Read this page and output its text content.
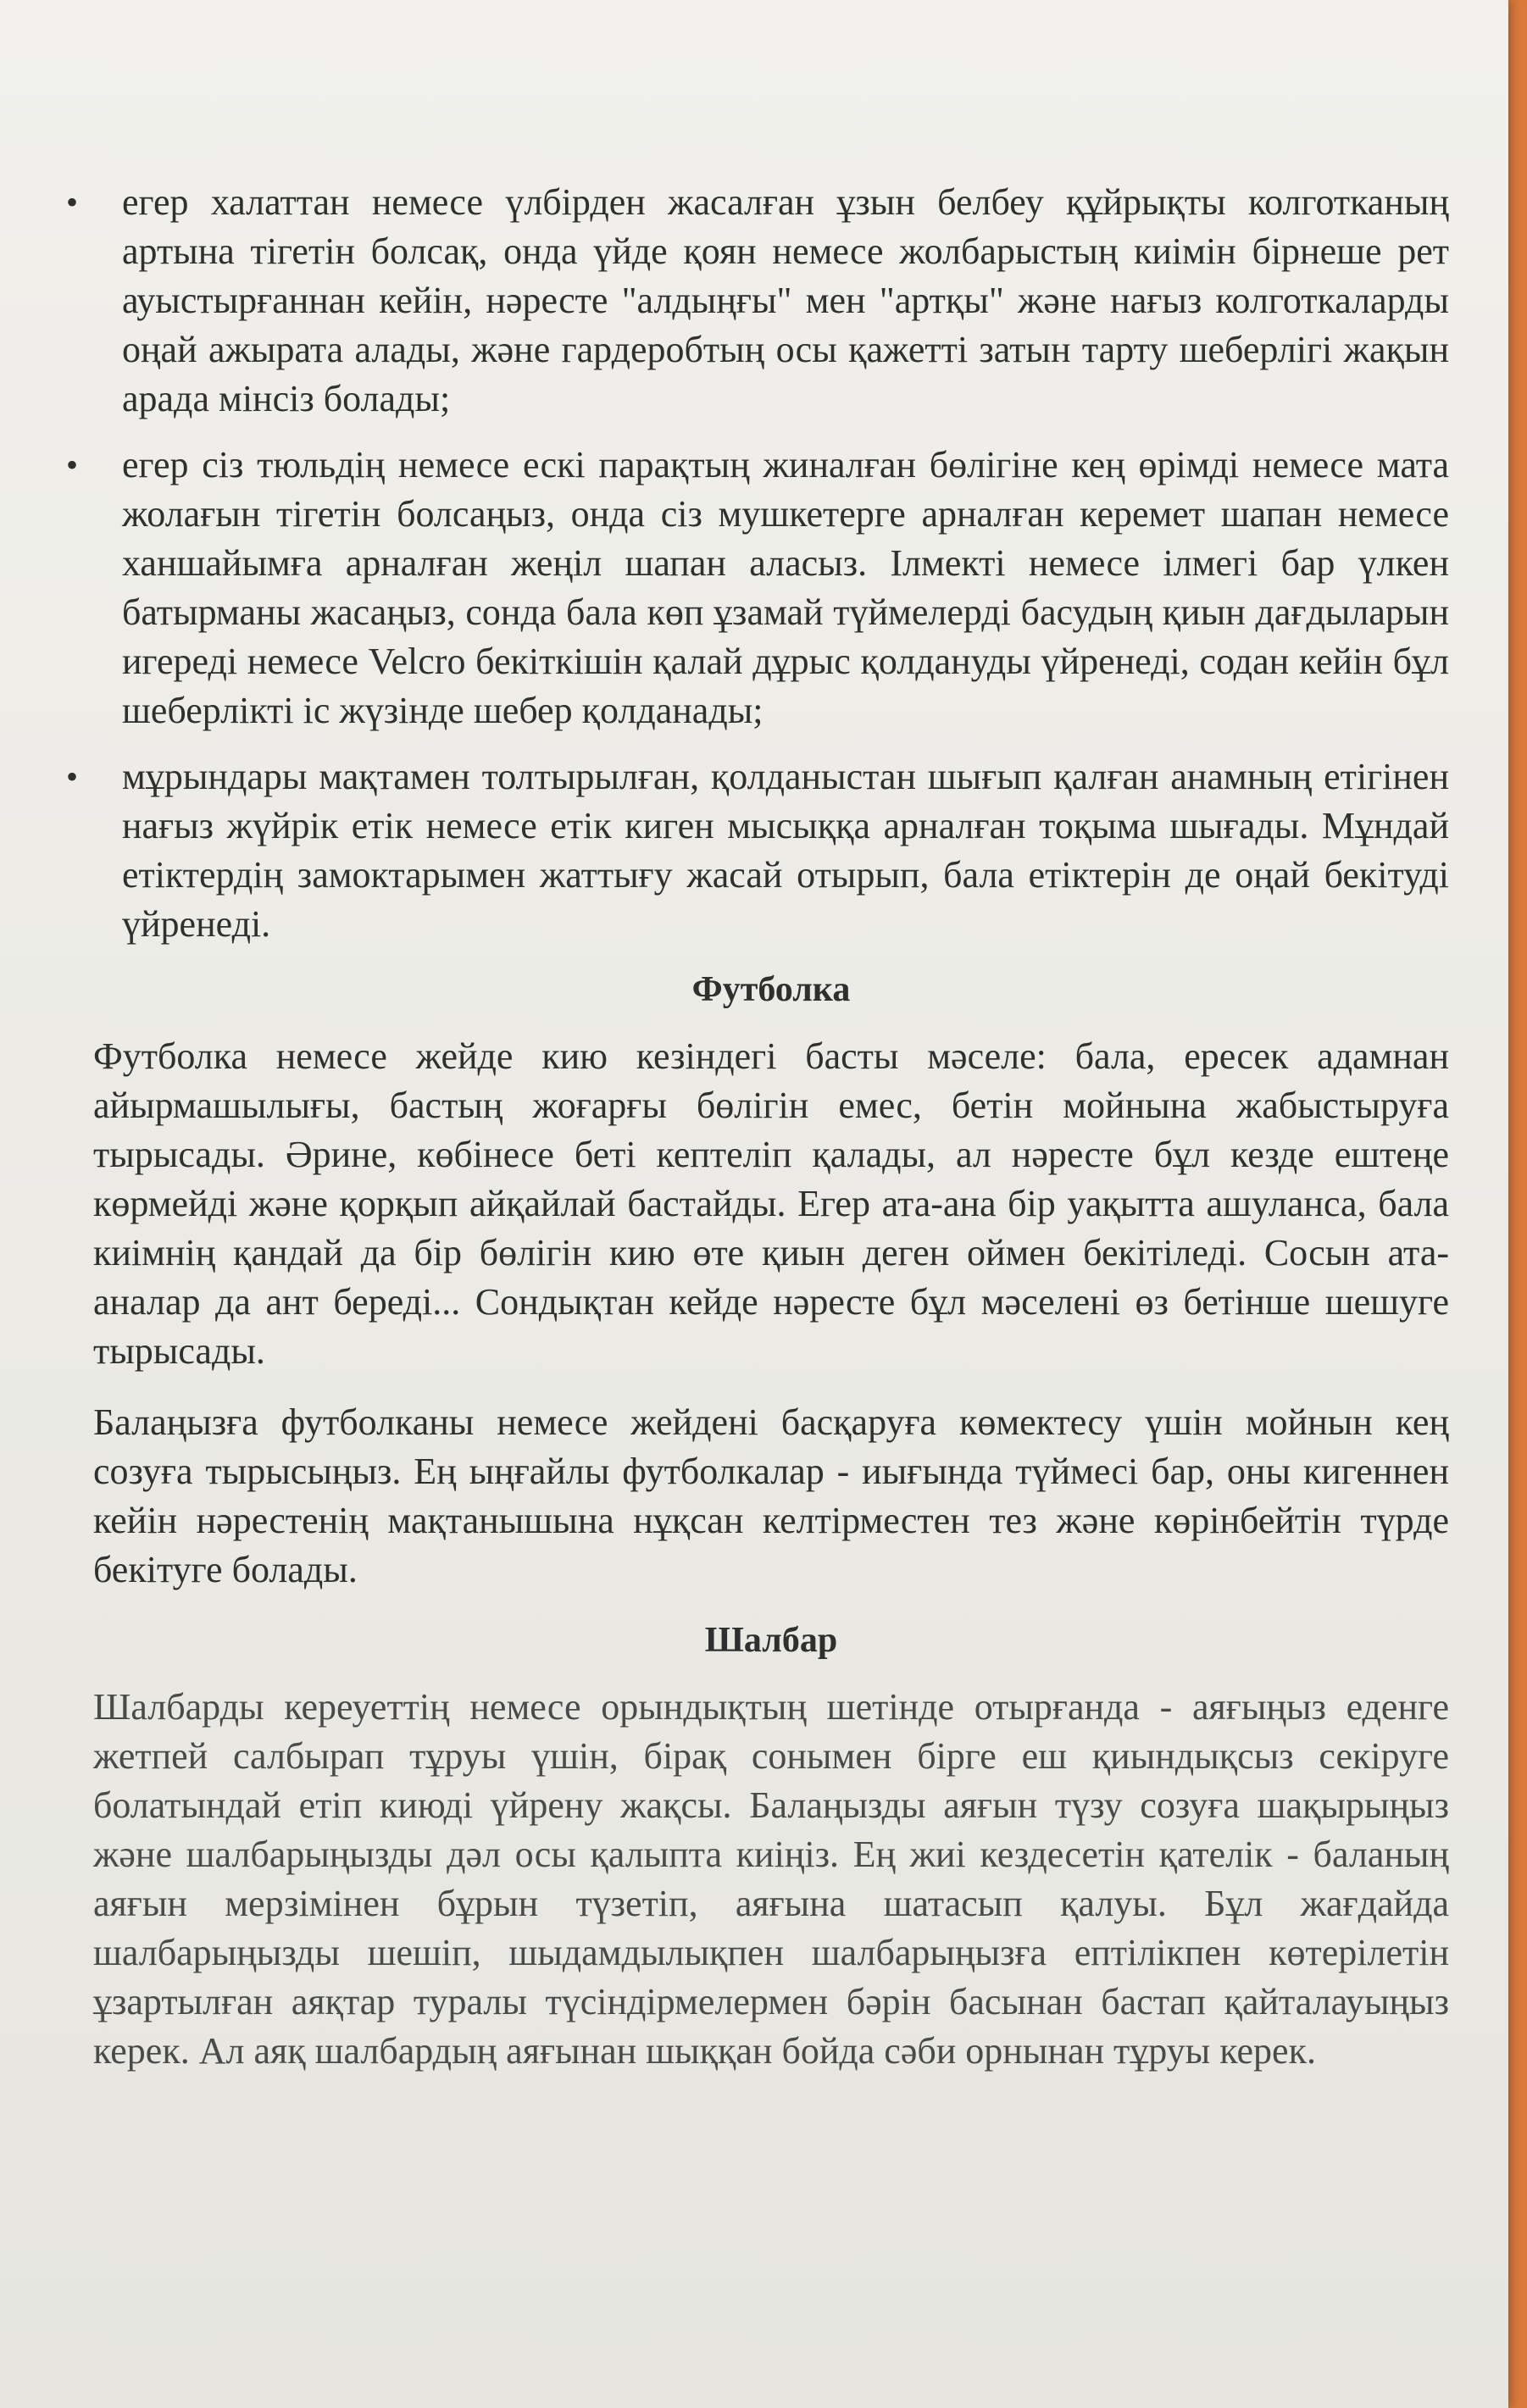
• егер халаттан немесе үлбірден жасалған ұзын белбеу құйрықты колготканың артына тігетін болсақ, онда үйде қоян немесе жолбарыстың киімін бірнеше рет ауыстырғаннан кейін, нәресте "алдыңғы" мен "артқы" және нағыз колготкаларды оңай ажырата алады, және гардеробтың осы қажетті затын тарту шеберлігі жақын арада мінсіз болады;
• егер сіз тюльдің немесе ескі парақтың жиналған бөлігіне кең өрімді немесе мата жолағын тігетін болсаңыз, онда сіз мушкетерге арналған керемет шапан немесе ханшайымға арналған жеңіл шапан аласыз. Ілмекті немесе ілмегі бар үлкен батырманы жасаңыз, сонда бала көп ұзамай түймелерді басудың қиын дағдыларын игереді немесе Velcro бекіткішін қалай дұрыс қолдануды үйренеді, содан кейін бұл шеберлікті іс жүзінде шебер қолданады;
• мұрындары мақтамен толтырылған, қолданыстан шығып қалған анамның етігінен нағыз жүйрік етік немесе етік киген мысыққа арналған тоқыма шығады. Мұндай етіктердің замоктарымен жаттығу жасай отырып, бала етіктерін де оңай бекітуді үйренеді.
Футболка

Футболка немесе жейде кию кезіндегі басты мәселе: бала, ересек адамнан айырмашылығы, бастың жоғарғы бөлігін емес, бетін мойнына жабыстыруға тырысады. Әрине, көбінесе беті кептеліп қалады, ал нәресте бұл кезде ештеңе көрмейді және қорқып айқайлай бастайды. Егер ата-ана бір уақытта ашуланса, бала киімнің қандай да бір бөлігін кию өте қиын деген оймен бекітіледі. Сосын ата-аналар да ант береді... Сондықтан кейде нәресте бұл мәселені өз бетінше шешуге тырысады.

Балаңызға футболканы немесе жейдені басқаруға көмектесу үшін мойнын кең созуға тырысыңыз. Ең ыңғайлы футболкалар - иығында түймесі бар, оны кигеннен кейін нәрестенің мақтанышына нұқсан келтірместен тез және көрінбейтін түрде бекітуге болады.

Шалбар

Шалбарды кереуеттің немесе орындықтың шетінде отырғанда - аяғыңыз еденге жетпей салбырап тұруы үшін, бірақ сонымен бірге еш қиындықсыз секіруге болатындай етіп киюді үйрену жақсы. Балаңызды аяғын түзу созуға шақырыңыз және шалбарыңызды дәл осы қалыпта киіңіз. Ең жиі кездесетін қателік - баланың аяғын мерзімінен бұрын түзетіп, аяғына шатасып қалуы. Бұл жағдайда шалбарыңызды шешіп, шыдамдылықпен шалбарыңызға ептілікпен көтерілетін ұзартылған аяқтар туралы түсіндірмелермен бәрін басынан бастап қайталауыңыз керек. Ал аяқ шалбардың аяғынан шыққан бойда сәби орнынан тұруы керек.
